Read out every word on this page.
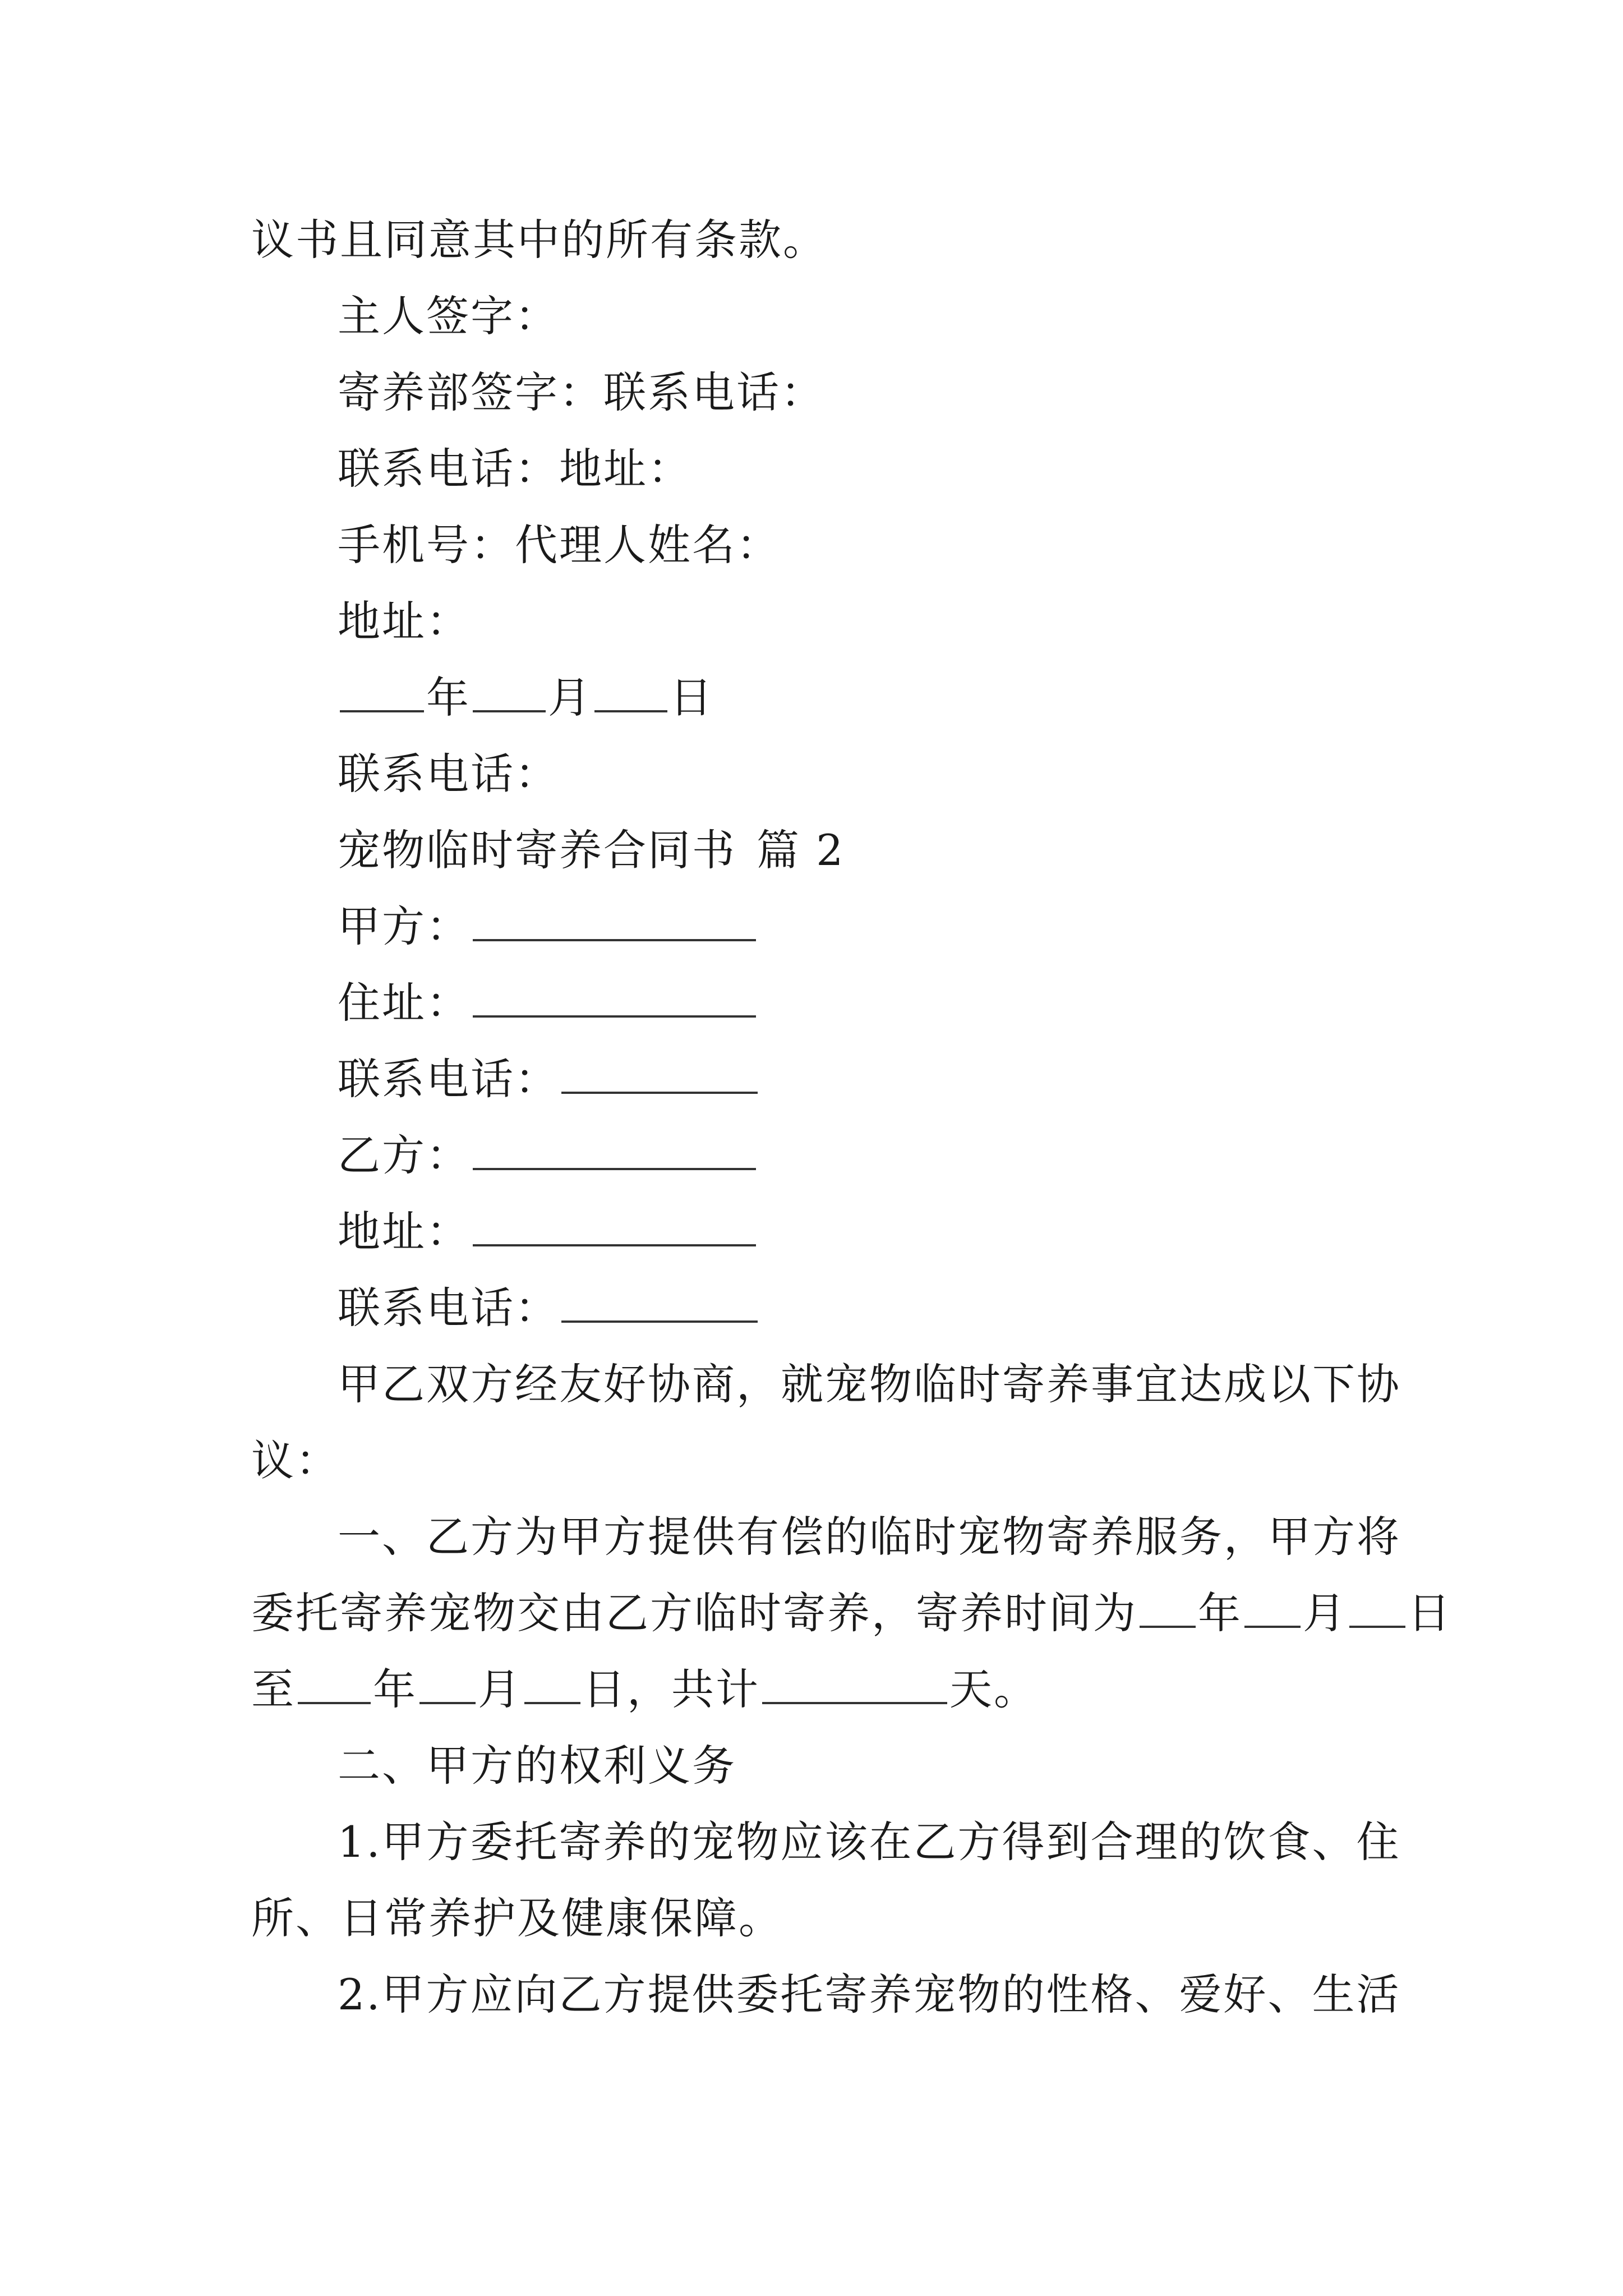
议书且同意其中的所有条款。
主人签字：
寄养部签字：联系电话：
联系电话：地址：
手机号：代理人姓名：
地址：
年 月 日
联系电话：
宠物临时寄养合同书 篇 2
甲方：
住址：
联系电话：
乙方：
地址：
联系电话：
甲乙双方经友好协商，就宠物临时寄养事宜达成以下协
议：
一、乙方为甲方提供有偿的临时宠物寄养服务，甲方将
委托寄养宠物交由乙方临时寄养，寄养时间为 年 月 日
至 年 月 日，共计	天。
二、甲方的权利义务
1.甲方委托寄养的宠物应该在乙方得到合理的饮食、住
所、日常养护及健康保障。
2.甲方应向乙方提供委托寄养宠物的性格、爱好、生活
